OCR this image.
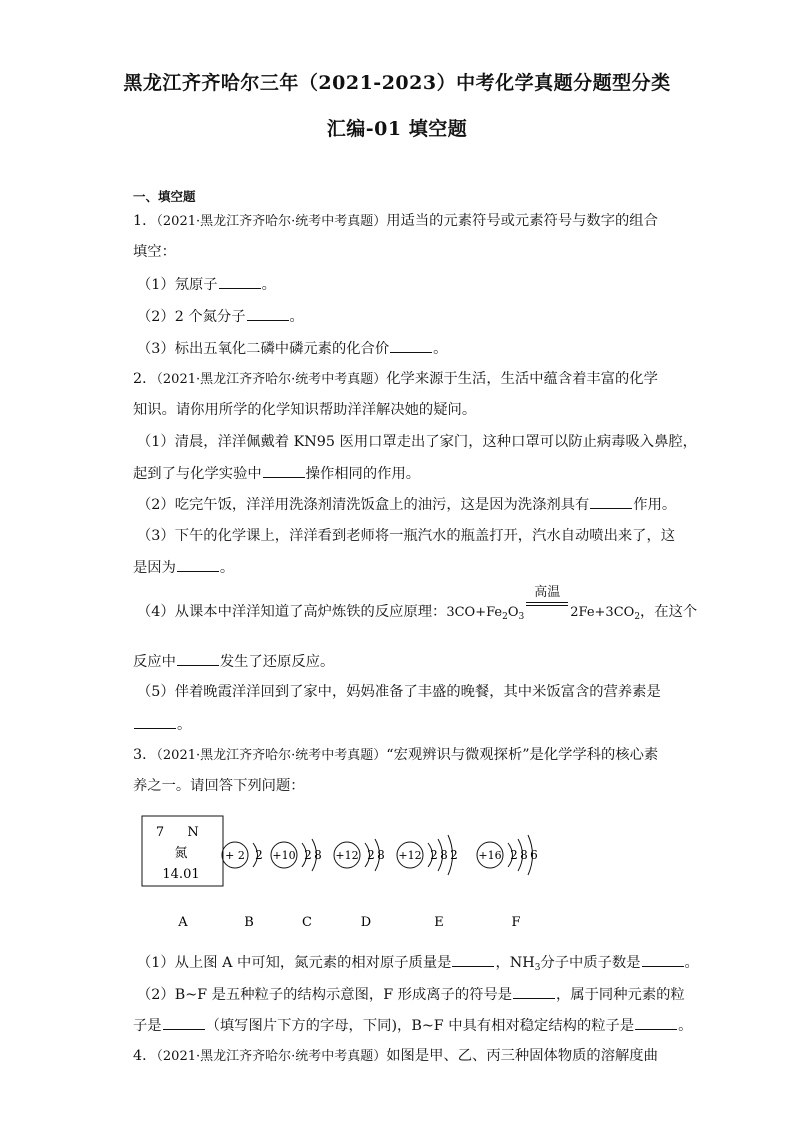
黑龙江齐齐哈尔三年（2021-2023）中考化学真题分题型分类
汇编-01 填空题
一、填空题
1．（2021·黑龙江齐齐哈尔·统考中考真题）用适当的元素符号或元素符号与数字的组合
填空：
（1）氖原子	。
（2）2 个氮分子	。
（3）标出五氧化二磷中磷元素的化合价	。
2．（2021·黑龙江齐齐哈尔·统考中考真题）化学来源于生活，生活中蕴含着丰富的化学
知识。请你用所学的化学知识帮助洋洋解决她的疑问。
（1）清晨，洋洋佩戴着 KN95 医用口罩走出了家门，这种口罩可以防止病毒吸入鼻腔，
起到了与化学实验中	操作相同的作用。
（2）吃完午饭，洋洋用洗涤剂清洗饭盒上的油污，这是因为洗涤剂具有	作用。
（3）下午的化学课上，洋洋看到老师将一瓶汽水的瓶盖打开，汽水自动喷出来了，这
是因为	。
（4）从课本中洋洋知道了高炉炼铁的反应原理：$3CO+Fe_2O_3$
高温
$2Fe+3CO_2$，在这个
反应中	发生了还原反应。
（5）伴着晚霞洋洋回到了家中，妈妈准备了丰盛的晚餐，其中米饭富含的营养素是
。
3．（2021·黑龙江齐齐哈尔·统考中考真题）“宏观辨识与微观探析”是化学学科的核心素
养之一。请回答下列问题：
7 N
氮
14.01
+ 2 2 +10 2 8 +12 2 8 +12 2 8 2 +16 2 8 6
A	B	C	D	E	F
（1）从上图 A 中可知，氮元素的相对原子质量是	，$NH_3$分子中质子数是	。
（2）B~F 是五种粒子的结构示意图，F 形成离子的符号是	，属于同种元素的粒
子是	（填写图片下方的字母，下同)，B~F 中具有相对稳定结构的粒子是	。
4．（2021·黑龙江齐齐哈尔·统考中考真题）如图是甲、乙、丙三种固体物质的溶解度曲
